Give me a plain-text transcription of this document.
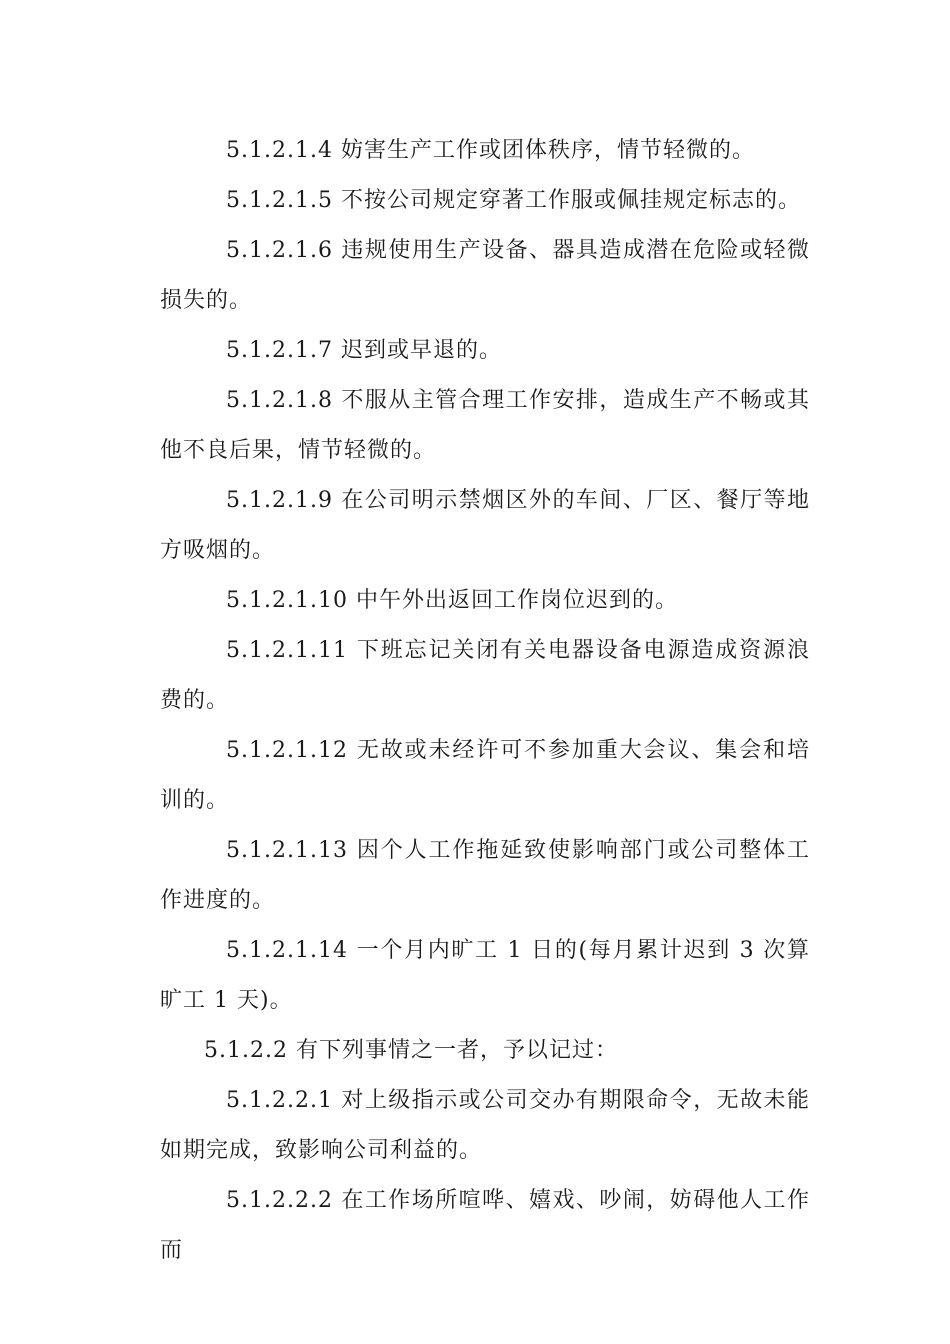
5.1.2.1.4 妨害生产工作或团体秩序，情节轻微的。

5.1.2.1.5 不按公司规定穿著工作服或佩挂规定标志的。

5.1.2.1.6 违规使用生产设备、器具造成潜在危险或轻微损失的。

5.1.2.1.7 迟到或早退的。

5.1.2.1.8 不服从主管合理工作安排，造成生产不畅或其他不良后果，情节轻微的。

5.1.2.1.9 在公司明示禁烟区外的车间、厂区、餐厅等地方吸烟的。

5.1.2.1.10 中午外出返回工作岗位迟到的。

5.1.2.1.11 下班忘记关闭有关电器设备电源造成资源浪费的。

5.1.2.1.12 无故或未经许可不参加重大会议、集会和培训的。

5.1.2.1.13 因个人工作拖延致使影响部门或公司整体工作进度的。

5.1.2.1.14 一个月内旷工 1 日的(每月累计迟到 3 次算旷工 1 天)。

5.1.2.2 有下列事情之一者，予以记过：

5.1.2.2.1 对上级指示或公司交办有期限命令，无故未能如期完成，致影响公司利益的。

5.1.2.2.2 在工作场所喧哗、嬉戏、吵闹，妨碍他人工作而
